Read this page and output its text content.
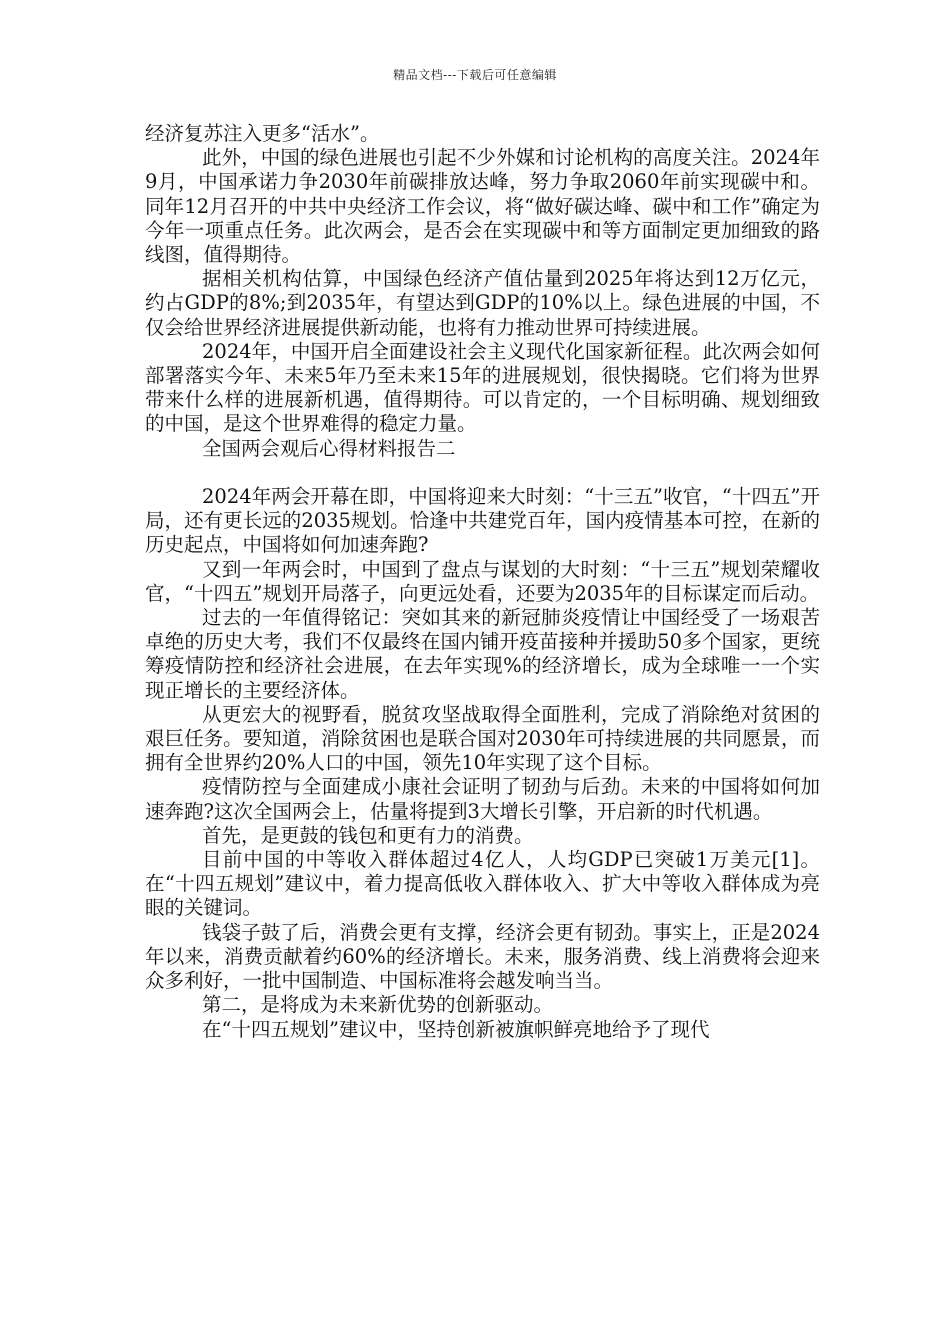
精品文档---下载后可任意编辑

经济复苏注入更多“活水”。

此外，中国的绿色进展也引起不少外媒和讨论机构的高度关注。2024年9月，中国承诺力争2030年前碳排放达峰，努力争取2060年前实现碳中和。同年12月召开的中共中央经济工作会议，将“做好碳达峰、碳中和工作”确定为今年一项重点任务。此次两会，是否会在实现碳中和等方面制定更加细致的路线图，值得期待。

据相关机构估算，中国绿色经济产值估量到2025年将达到12万亿元，约占GDP的8%;到2035年，有望达到GDP的10%以上。绿色进展的中国，不仅会给世界经济进展提供新动能，也将有力推动世界可持续进展。

2024年，中国开启全面建设社会主义现代化国家新征程。此次两会如何部署落实今年、未来5年乃至未来15年的进展规划，很快揭晓。它们将为世界带来什么样的进展新机遇，值得期待。可以肯定的，一个目标明确、规划细致的中国，是这个世界难得的稳定力量。

全国两会观后心得材料报告二

2024年两会开幕在即，中国将迎来大时刻：“十三五”收官，“十四五”开局，还有更长远的2035规划。恰逢中共建党百年，国内疫情基本可控，在新的历史起点，中国将如何加速奔跑?

又到一年两会时，中国到了盘点与谋划的大时刻：“十三五”规划荣耀收官，“十四五”规划开局落子，向更远处看，还要为2035年的目标谋定而后动。

过去的一年值得铭记：突如其来的新冠肺炎疫情让中国经受了一场艰苦卓绝的历史大考，我们不仅最终在国内铺开疫苗接种并援助50多个国家，更统筹疫情防控和经济社会进展，在去年实现%的经济增长，成为全球唯一一个实现正增长的主要经济体。

从更宏大的视野看，脱贫攻坚战取得全面胜利，完成了消除绝对贫困的艰巨任务。要知道，消除贫困也是联合国对2030年可持续进展的共同愿景，而拥有全世界约20%人口的中国，领先10年实现了这个目标。

疫情防控与全面建成小康社会证明了韧劲与后劲。未来的中国将如何加速奔跑?这次全国两会上，估量将提到3大增长引擎，开启新的时代机遇。

首先，是更鼓的钱包和更有力的消费。

目前中国的中等收入群体超过4亿人，人均GDP已突破1万美元[1]。在“十四五规划”建议中，着力提高低收入群体收入、扩大中等收入群体成为亮眼的关键词。

钱袋子鼓了后，消费会更有支撑，经济会更有韧劲。事实上，正是2024年以来，消费贡献着约60%的经济增长。未来，服务消费、线上消费将会迎来众多利好，一批中国制造、中国标准将会越发响当当。

第二，是将成为未来新优势的创新驱动。

在“十四五规划”建议中，坚持创新被旗帜鲜亮地给予了现代
